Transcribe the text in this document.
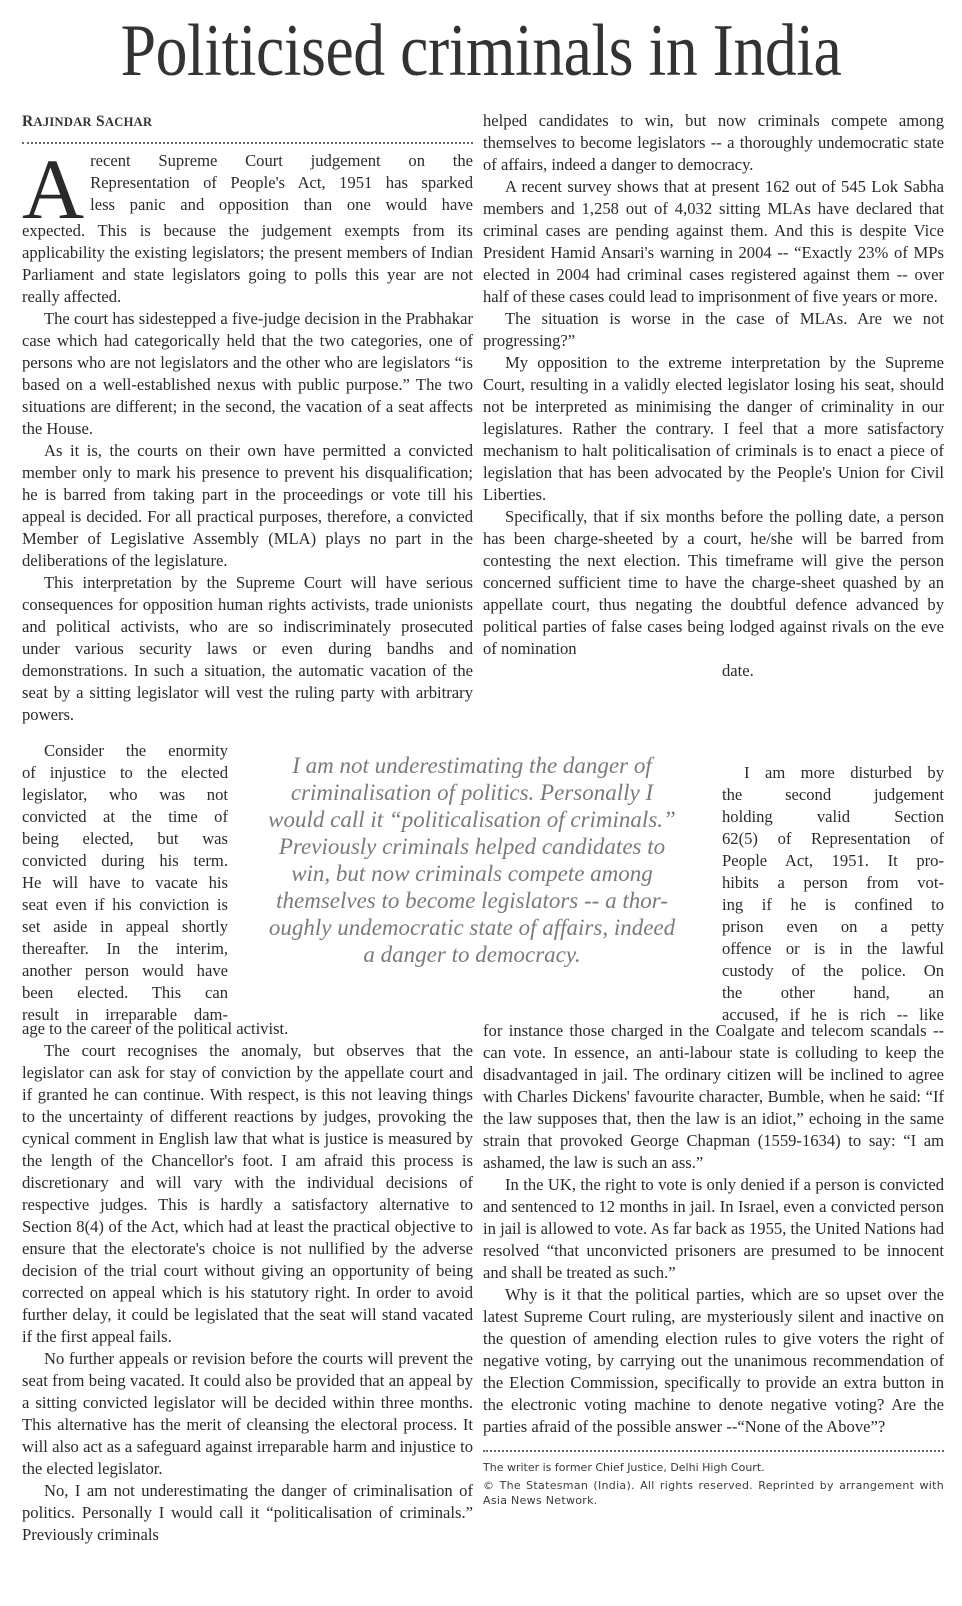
Politicised criminals in India
RAJINDAR SACHAR
A recent Supreme Court judgement on the
Representation of People's Act, 1951 has sparked
less panic and opposition than one would have

expected. This is because the judgement exempts from its applicability the existing legislators; the present members of Indian Parliament and state legislators going to polls this year are not really affected.

The court has sidestepped a five-judge decision in the Prabhakar case which had categorically held that the two categories, one of persons who are not legislators and the other who are legislators “is based on a well-established nexus with public purpose.” The two situations are different; in the second, the vacation of a seat affects the House.

As it is, the courts on their own have permitted a convicted member only to mark his presence to prevent his disqualification; he is barred from taking part in the proceedings or vote till his appeal is decided. For all practical purposes, therefore, a convicted Member of Legislative Assembly (MLA) plays no part in the deliberations of the legislature.

This interpretation by the Supreme Court will have serious consequences for opposition human rights activists, trade unionists and political activists, who are so indiscriminately prosecuted under various security laws or even during bandhs and demonstrations. In such a situation, the automatic vacation of the seat by a sitting legislator will vest the ruling party with arbitrary powers.

Consider the enormity
of injustice to the elected
legislator, who was not
convicted at the time of
being elected, but was
convicted during his term.
He will have to vacate his
seat even if his conviction is
set aside in appeal shortly
thereafter. In the interim,
another person would have
been elected. This can
result in irreparable dam-
I am not underestimating the danger of
criminalisation of politics. Personally I
would call it “politicalisation of criminals.”
Previously criminals helped candidates to
win, but now criminals compete among
themselves to become legislators -- a thor-
oughly undemocratic state of affairs, indeed
a danger to democracy.

age to the career of the political activist.

The court recognises the anomaly, but observes that the legislator can ask for stay of conviction by the appellate court and if granted he can continue. With respect, is this not leaving things to the uncertainty of different reactions by judges, provoking the cynical comment in English law that what is justice is measured by the length of the Chancellor's foot. I am afraid this process is discretionary and will vary with the individual decisions of respective judges. This is hardly a satisfactory alternative to Section 8(4) of the Act, which had at least the practical objective to ensure that the electorate's choice is not nullified by the adverse decision of the trial court without giving an opportunity of being corrected on appeal which is his statutory right. In order to avoid further delay, it could be legislated that the seat will stand vacated if the first appeal fails.

No further appeals or revision before the courts will prevent the seat from being vacated. It could also be provided that an appeal by a sitting convicted legislator will be decided within three months. This alternative has the merit of cleansing the electoral process. It will also act as a safeguard against irreparable harm and injustice to the elected legislator.

No, I am not underestimating the danger of criminalisation of politics. Personally I would call it “politicalisation of criminals.” Previously criminals

helped candidates to win, but now criminals compete among themselves to become legislators -- a thoroughly undemocratic state of affairs, indeed a danger to democracy.

A recent survey shows that at present 162 out of 545 Lok Sabha members and 1,258 out of 4,032 sitting MLAs have declared that criminal cases are pending against them. And this is despite Vice President Hamid Ansari's warning in 2004 -- “Exactly 23% of MPs elected in 2004 had criminal cases registered against them -- over half of these cases could lead to imprisonment of five years or more.

The situation is worse in the case of MLAs. Are we not progressing?”

My opposition to the extreme interpretation by the Supreme Court, resulting in a validly elected legislator losing his seat, should not be interpreted as minimising the danger of criminality in our legislatures. Rather the contrary. I feel that a more satisfactory mechanism to halt politicalisation of criminals is to enact a piece of legislation that has been advocated by the People's Union for Civil Liberties.

Specifically, that if six months before the polling date, a person has been charge-sheeted by a court, he/she will be barred from contesting the next election. This timeframe will give the person concerned sufficient time to have the charge-sheet quashed by an appellate court, thus negating the doubtful defence advanced by political parties of false cases being lodged against rivals on the eve of nomination

date.

I am more disturbed by
the second judgement
holding valid Section
62(5) of Representation of
People Act, 1951. It pro-
hibits a person from vot-
ing if he is confined to
prison even on a petty
offence or is in the lawful
custody of the police. On
the other hand, an
accused, if he is rich -- like

for instance those charged in the Coalgate and telecom scandals -- can vote. In essence, an anti-labour state is colluding to keep the disadvantaged in jail. The ordinary citizen will be inclined to agree with Charles Dickens' favourite character, Bumble, when he said: “If the law supposes that, then the law is an idiot,” echoing in the same strain that provoked George Chapman (1559-1634) to say: “I am ashamed, the law is such an ass.”

In the UK, the right to vote is only denied if a person is convicted and sentenced to 12 months in jail. In Israel, even a convicted person in jail is allowed to vote. As far back as 1955, the United Nations had resolved “that unconvicted prisoners are presumed to be innocent and shall be treated as such.”

Why is it that the political parties, which are so upset over the latest Supreme Court ruling, are mysteriously silent and inactive on the question of amending election rules to give voters the right of negative voting, by carrying out the unanimous recommendation of the Election Commission, specifically to provide an extra button in the electronic voting machine to denote negative voting? Are the parties afraid of the possible answer --“None of the Above”?

The writer is former Chief Justice, Delhi High Court.
© The Statesman (India). All rights reserved. Reprinted by arrangement with Asia News Network.
